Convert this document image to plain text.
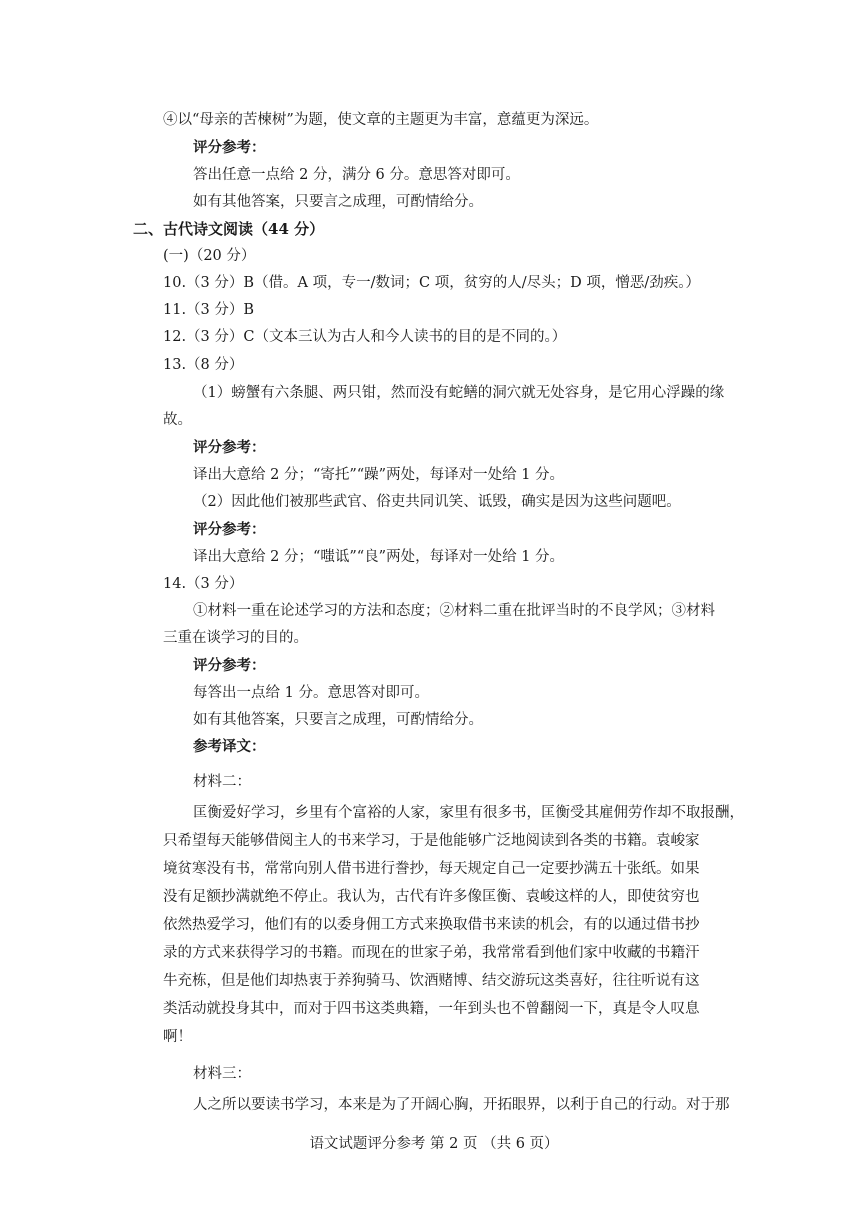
④以“母亲的苦楝树”为题，使文章的主题更为丰富，意蕴更为深远。
评分参考：
答出任意一点给 2 分，满分 6 分。意思答对即可。
如有其他答案，只要言之成理，可酌情给分。
二、古代诗文阅读（44 分）
(一)（20 分）
10.（3 分）B（借。A 项，专一/数词；C 项，贫穷的人/尽头；D 项，憎恶/劲疾。）
11.（3 分）B
12.（3 分）C（文本三认为古人和今人读书的目的是不同的。）
13.（8 分）
（1）螃蟹有六条腿、两只钳，然而没有蛇鳝的洞穴就无处容身，是它用心浮躁的缘
故。
评分参考：
译出大意给 2 分；“寄托”“躁”两处，每译对一处给 1 分。
（2）因此他们被那些武官、俗吏共同讥笑、诋毁，确实是因为这些问题吧。
评分参考：
译出大意给 2 分；“嗤诋”“良”两处，每译对一处给 1 分。
14.（3 分）
①材料一重在论述学习的方法和态度；②材料二重在批评当时的不良学风；③材料
三重在谈学习的目的。
评分参考：
每答出一点给 1 分。意思答对即可。
如有其他答案，只要言之成理，可酌情给分。
参考译文：
材料二：
匡衡爱好学习，乡里有个富裕的人家，家里有很多书，匡衡受其雇佣劳作却不取报酬，
只希望每天能够借阅主人的书来学习，于是他能够广泛地阅读到各类的书籍。袁峻家
境贫寒没有书，常常向别人借书进行誊抄，每天规定自己一定要抄满五十张纸。如果
没有足额抄满就绝不停止。我认为，古代有许多像匡衡、袁峻这样的人，即使贫穷也
依然热爱学习，他们有的以委身佣工方式来换取借书来读的机会，有的以通过借书抄
录的方式来获得学习的书籍。而现在的世家子弟，我常常看到他们家中收藏的书籍汗
牛充栋，但是他们却热衷于养狗骑马、饮酒赌博、结交游玩这类喜好，往往听说有这
类活动就投身其中，而对于四书这类典籍，一年到头也不曾翻阅一下，真是令人叹息
啊！
材料三：
人之所以要读书学习，本来是为了开阔心胸，开拓眼界，以利于自己的行动。对于那
语文试题评分参考 第 2 页 （共 6 页）
